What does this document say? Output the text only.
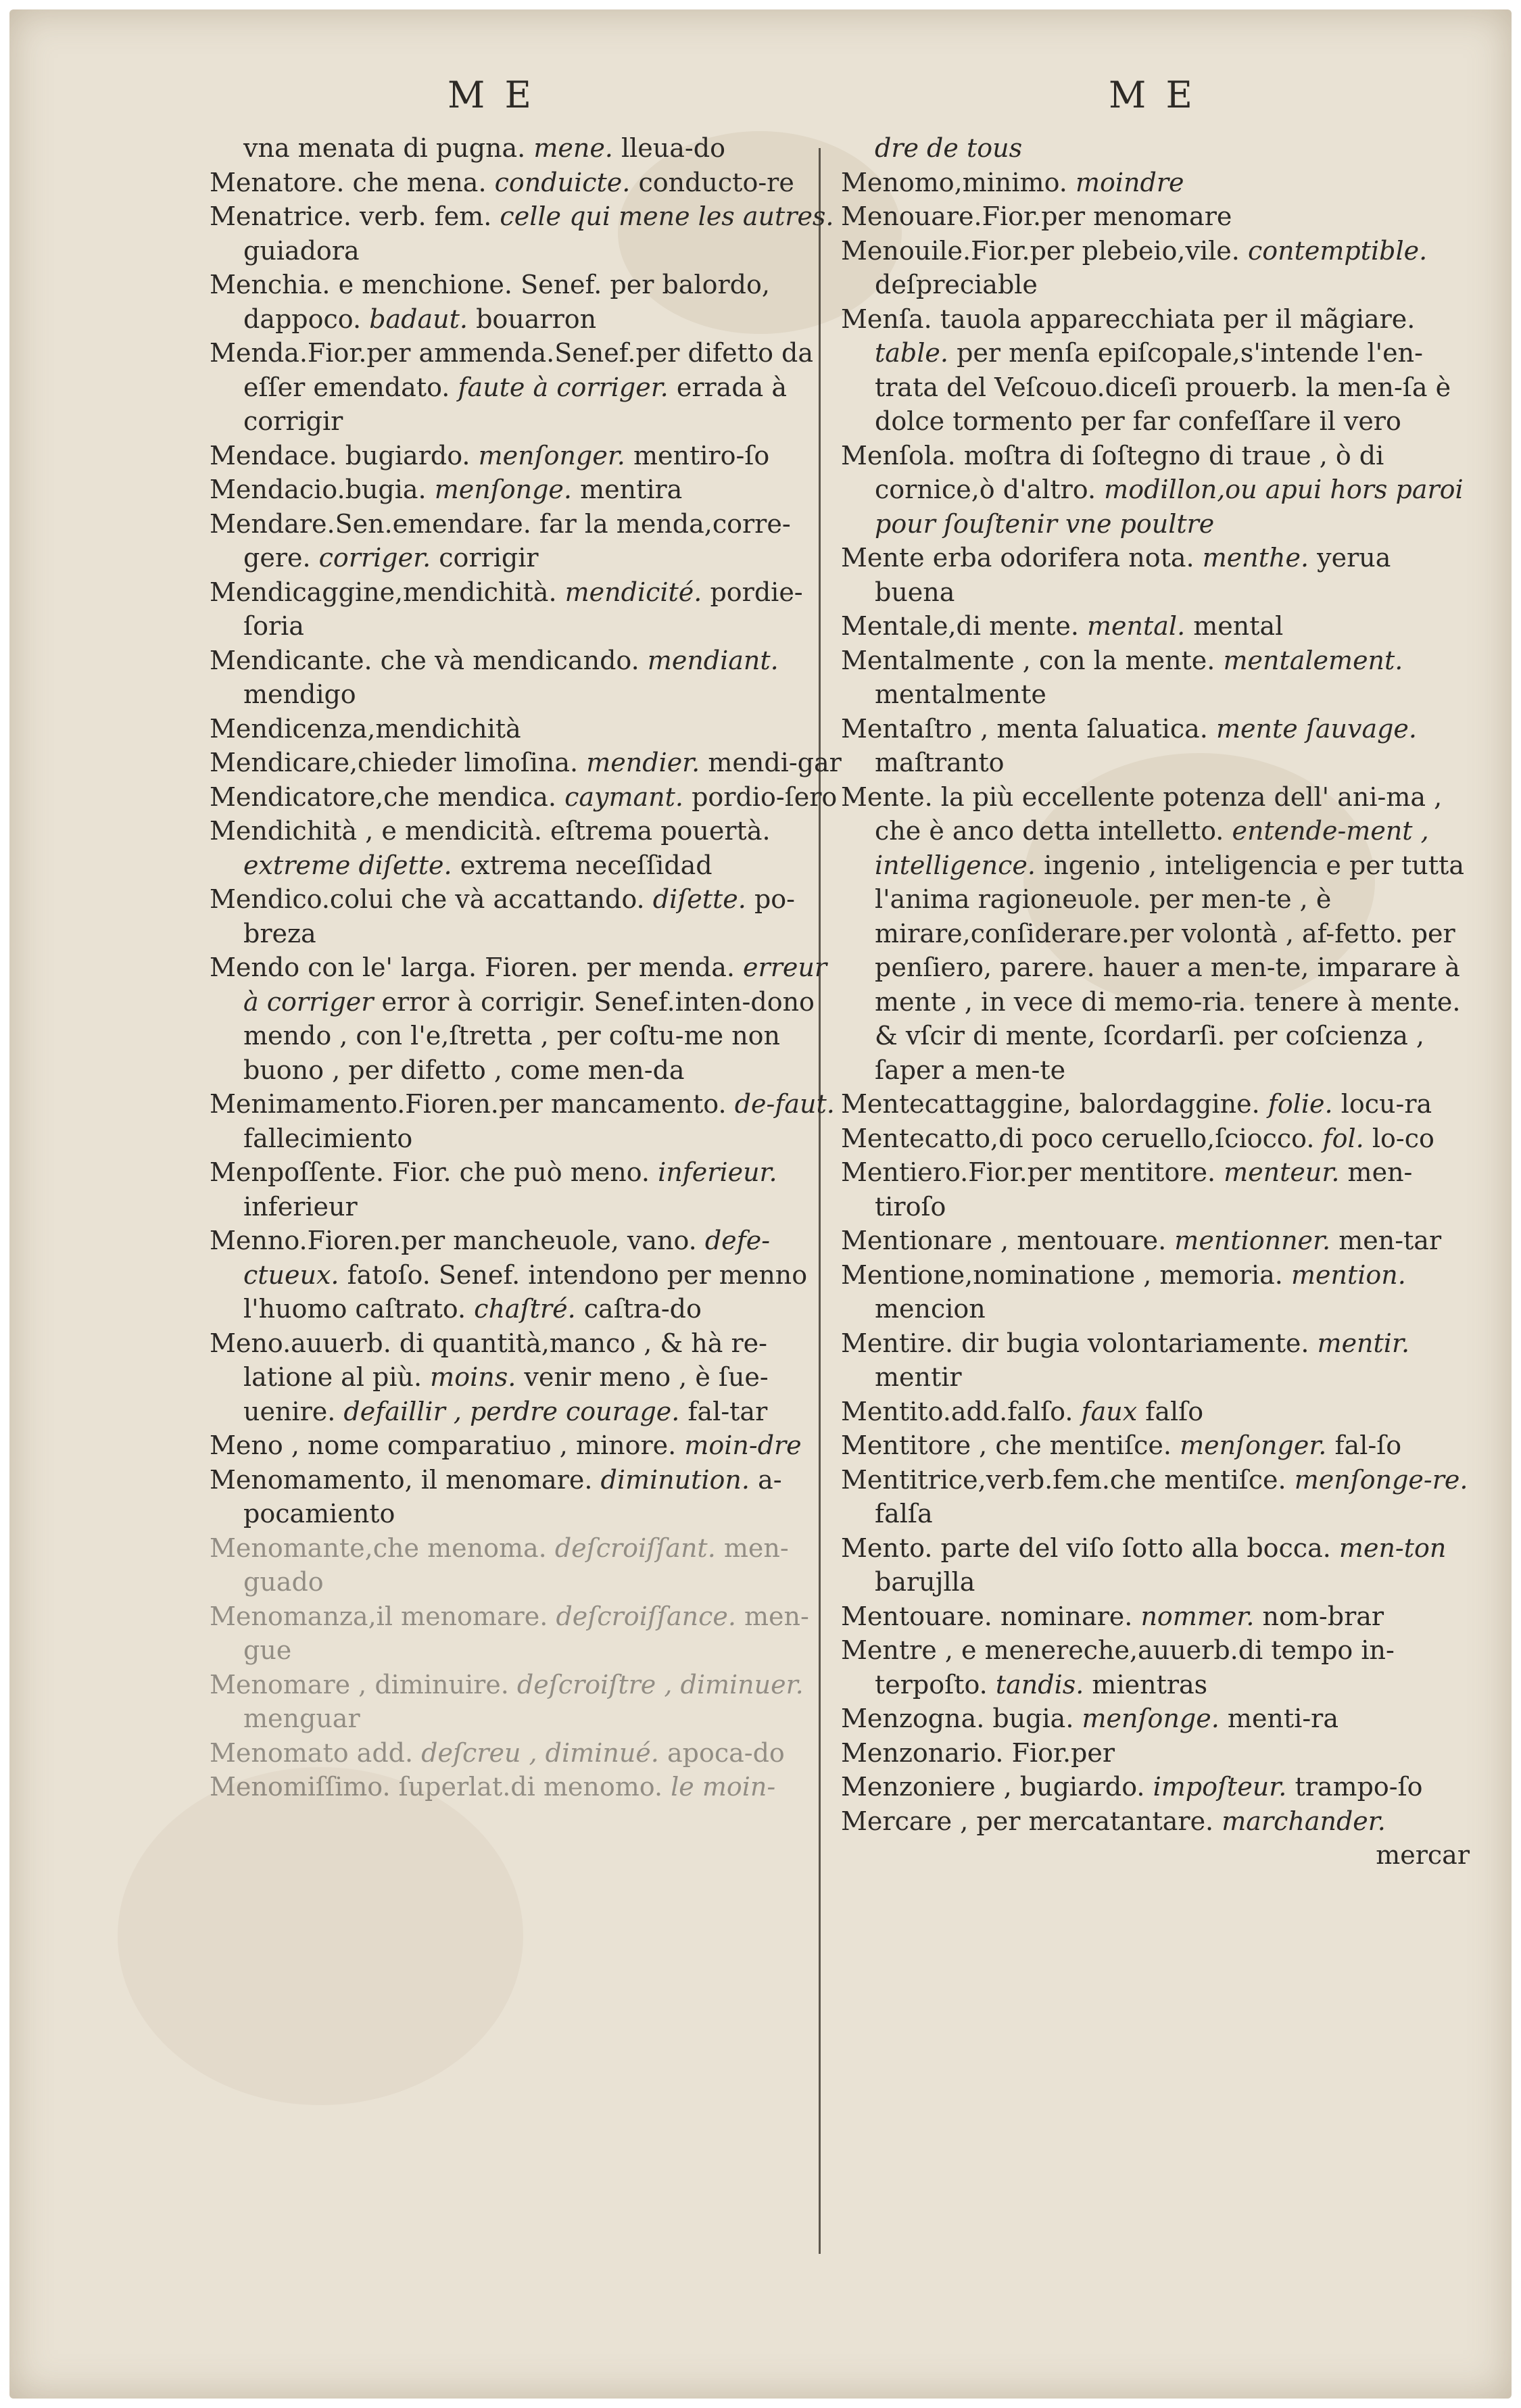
M E	M E
vna menata di pugna. mene. lleua-do
Menatore. che mena. conduicte. conducto-re
Menatrice. verb. fem. celle qui mene les autres. guiadora
Menchia. e menchione. Senef. per balordo, dappoco. badaut. bouarron
Menda.Fior.per ammenda.Senef.per difetto da eſſer emendato. faute à corriger. errada à corrigir
Mendace. bugiardo. menſonger. mentiro-ſo
Mendacio.bugia. menſonge. mentira
Mendare.Sen.emendare. far la menda,corre-gere. corriger. corrigir
Mendicaggine,mendichità. mendicité. pordie-ſoria
Mendicante. che và mendicando. mendiant. mendigo
Mendicenza,mendichità
Mendicare,chieder limoſina. mendier. mendi-gar
Mendicatore,che mendica. caymant. pordio-ſero
Mendichità , e mendicità. eſtrema pouertà. extreme diſette. extrema neceſſidad
Mendico.colui che và accattando. diſette. po-breza
Mendo con le' larga. Fioren. per menda. erreur à corriger error à corrigir. Senef.inten-dono mendo , con l'e,ſtretta , per coſtu-me non buono , per difetto , come men-da
Menimamento.Fioren.per mancamento. de-faut. fallecimiento
Menpoſſente. Fior. che può meno. inferieur. inferieur
Menno.Fioren.per mancheuole, vano. defe-ctueux. fatoſo. Senef. intendono per menno l'huomo caſtrato. chaſtré. caſtra-do
Meno.auuerb. di quantità,manco , & hà re-latione al più. moins. venir meno , è ſue-uenire. defaillir , perdre courage. fal-tar
Meno , nome comparatiuo , minore. moin-dre
Menomamento, il menomare. diminution. a-pocamiento
Menomante,che menoma. deſcroiſſant. men-guado
Menomanza,il menomare. deſcroiſſance. men-gue
Menomare , diminuire. deſcroiſtre , diminuer. menguar
Menomato add. deſcreu , diminué. apoca-do
Menomiſſimo. ſuperlat.di menomo. le moin-
dre de tous
Menomo,minimo. moindre
Menouare.Fior.per menomare
Menouile.Fior.per plebeio,vile. contemptible. deſpreciable
Menſa. tauola apparecchiata per il mãgiare. table. per menſa epiſcopale,s'intende l'en-trata del Veſcouo.diceſi prouerb. la men-ſa è dolce tormento per far confeſſare il vero
Menſola. moſtra di ſoſtegno di traue , ò di cornice,ò d'altro. modillon,ou apui hors paroi pour ſouſtenir vne poultre
Mente erba odorifera nota. menthe. yerua buena
Mentale,di mente. mental. mental
Mentalmente , con la mente. mentalement. mentalmente
Mentaſtro , menta ſaluatica. mente ſauvage. maſtranto
Mente. la più eccellente potenza dell' ani-ma , che è anco detta intelletto. entende-ment , intelligence. ingenio , inteligencia e per tutta l'anima ragioneuole. per men-te , è mirare,conſiderare.per volontà , af-fetto. per penſiero, parere. hauer a men-te, imparare à mente , in vece di memo-ria. tenere à mente. & vſcir di mente, ſcordarſi. per coſcienza , ſaper a men-te
Mentecattaggine, balordaggine. folie. locu-ra
Mentecatto,di poco ceruello,ſciocco. fol. lo-co
Mentiero.Fior.per mentitore. menteur. men-tiroſo
Mentionare , mentouare. mentionner. men-tar
Mentione,nominatione , memoria. mention. mencion
Mentire. dir bugia volontariamente. mentir. mentir
Mentito.add.falſo. faux falſo
Mentitore , che mentiſce. menſonger. fal-ſo
Mentitrice,verb.fem.che mentiſce. menſonge-re. falſa
Mento. parte del viſo ſotto alla bocca. men-ton barujlla
Mentouare. nominare. nommer. nom-brar
Mentre , e menereche,auuerb.di tempo in-terpoſto. tandis. mientras
Menzogna. bugia. menſonge. menti-ra
Menzonario. Fior.per
Menzoniere , bugiardo. impoſteur. trampo-ſo
Mercare , per mercatantare. marchander.
mercar
